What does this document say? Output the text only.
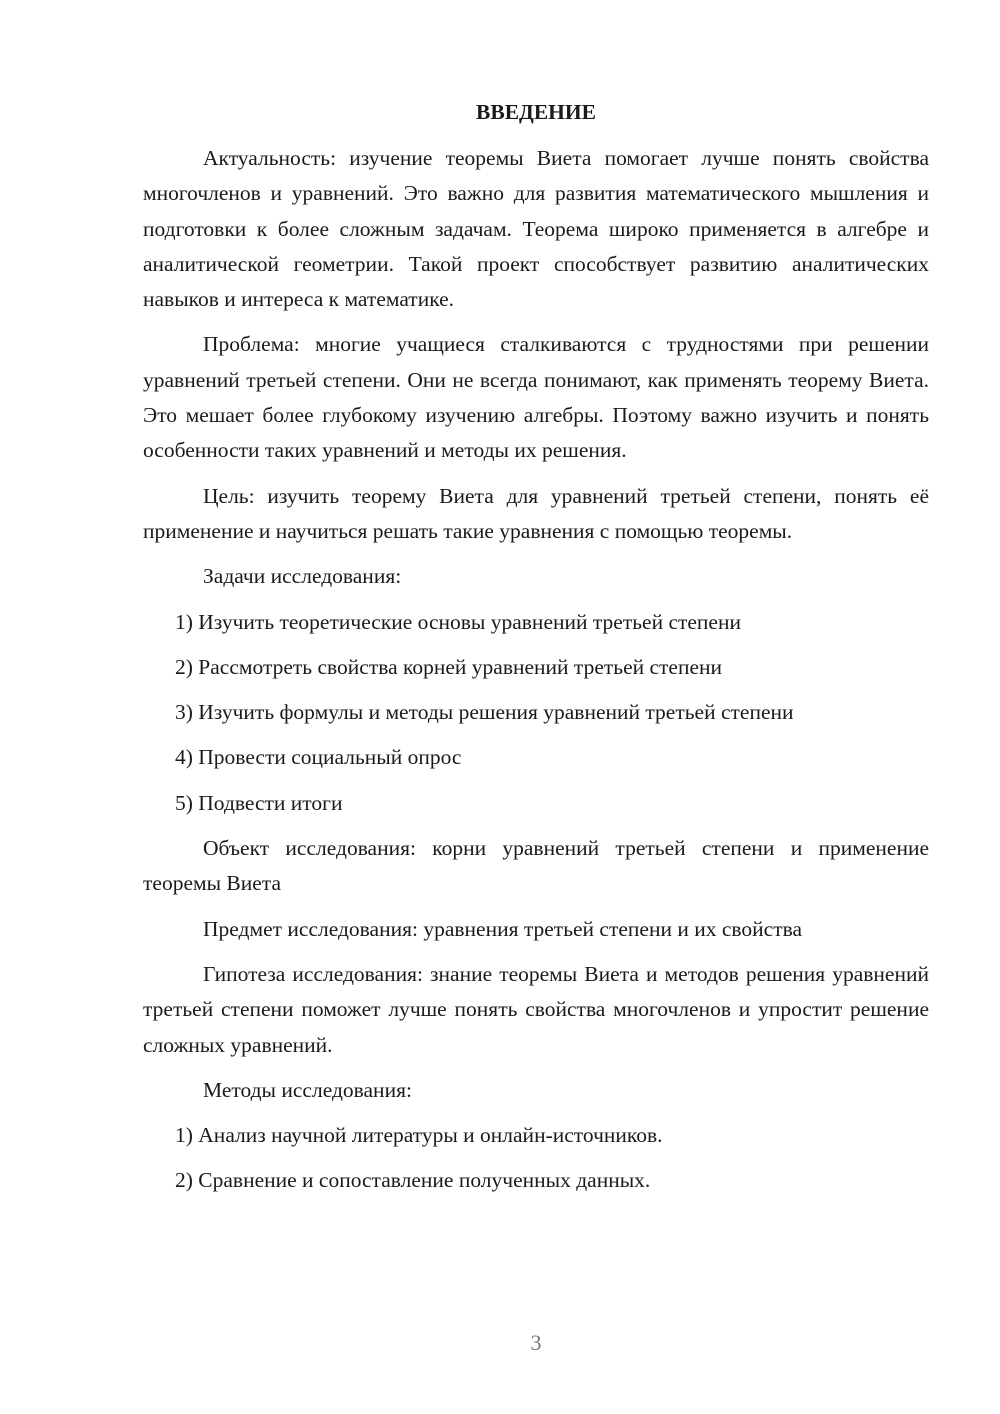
ВВЕДЕНИЕ

Актуальность: изучение теоремы Виета помогает лучше понять свойства многочленов и уравнений. Это важно для развития математического мышления и подготовки к более сложным задачам. Теорема широко применяется в алгебре и аналитической геометрии. Такой проект способствует развитию аналитических навыков и интереса к математике.

Проблема: многие учащиеся сталкиваются с трудностями при решении уравнений третьей степени. Они не всегда понимают, как применять теорему Виета. Это мешает более глубокому изучению алгебры. Поэтому важно изучить и понять особенности таких уравнений и методы их решения.

Цель: изучить теорему Виета для уравнений третьей степени, понять её применение и научиться решать такие уравнения с помощью теоремы.

Задачи исследования:

1) Изучить теоретические основы уравнений третьей степени
2) Рассмотреть свойства корней уравнений третьей степени
3) Изучить формулы и методы решения уравнений третьей степени
4) Провести социальный опрос
5) Подвести итоги

Объект исследования: корни уравнений третьей степени и применение теоремы Виета

Предмет исследования: уравнения третьей степени и их свойства

Гипотеза исследования: знание теоремы Виета и методов решения уравнений третьей степени поможет лучше понять свойства многочленов и упростит решение сложных уравнений.

Методы исследования:

1) Анализ научной литературы и онлайн-источников.
2) Сравнение и сопоставление полученных данных.
3
